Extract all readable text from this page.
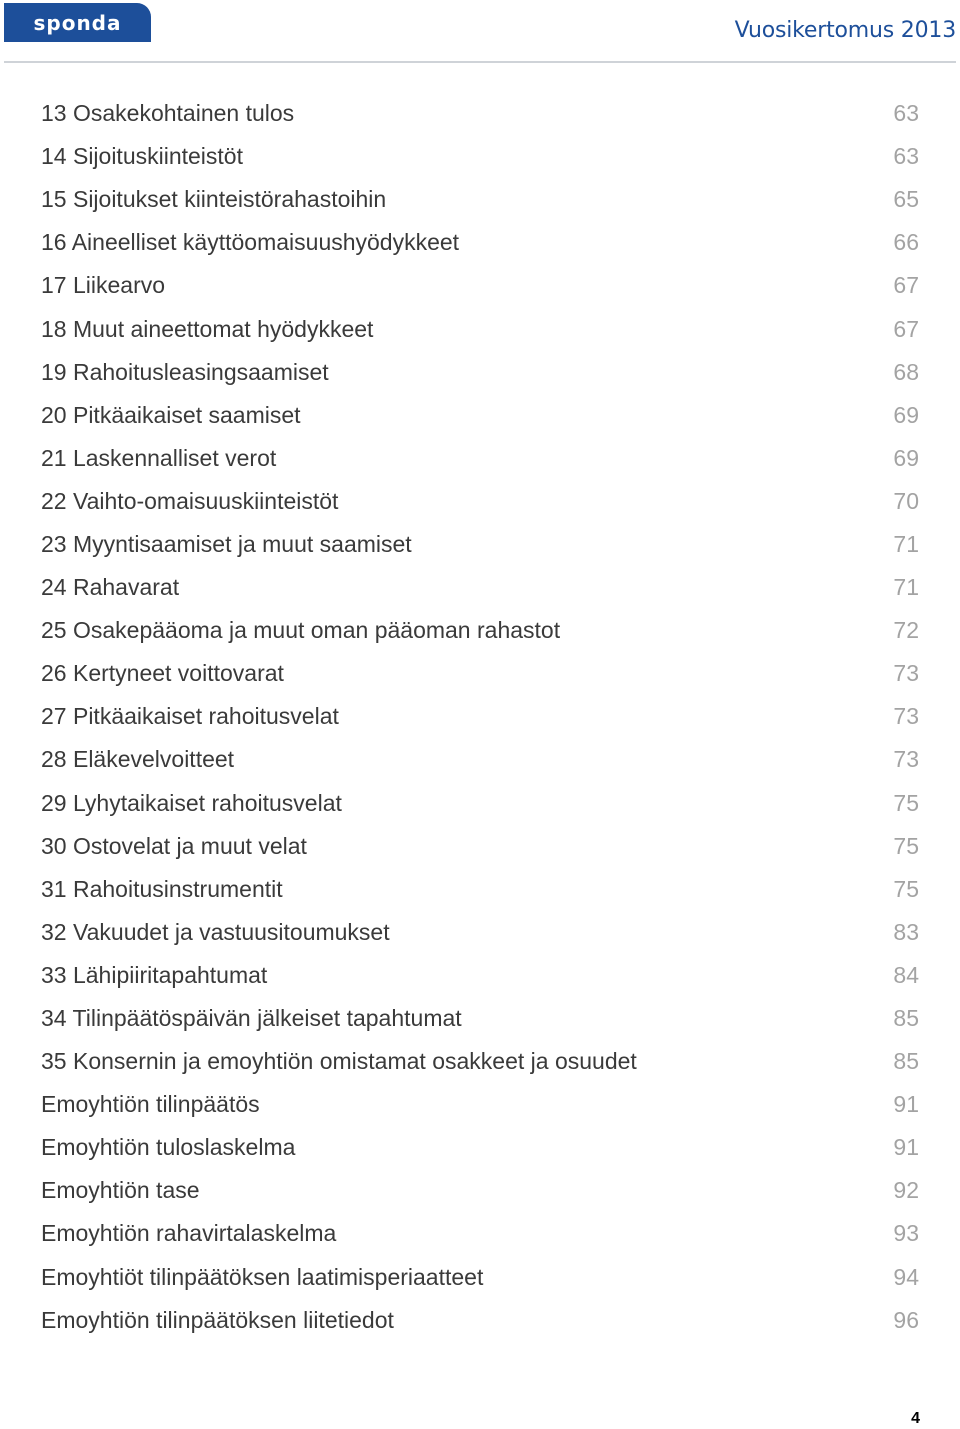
sponda	Vuosikertomus 2013
13 Osakekohtainen tulos	63
14 Sijoituskiinteistöt	63
15 Sijoitukset kiinteistörahastoihin	65
16 Aineelliset käyttöomaisuushyödykkeet	66
17 Liikearvo	67
18 Muut aineettomat hyödykkeet	67
19 Rahoitusleasingsaamiset	68
20 Pitkäaikaiset saamiset	69
21 Laskennalliset verot	69
22 Vaihto-omaisuuskiinteistöt	70
23 Myyntisaamiset ja muut saamiset	71
24 Rahavarat	71
25 Osakepääoma ja muut oman pääoman rahastot	72
26 Kertyneet voittovarat	73
27 Pitkäaikaiset rahoitusvelat	73
28 Eläkevelvoitteet	73
29 Lyhytaikaiset rahoitusvelat	75
30 Ostovelat ja muut velat	75
31 Rahoitusinstrumentit	75
32 Vakuudet ja vastuusitoumukset	83
33 Lähipiiritapahtumat	84
34 Tilinpäätöspäivän jälkeiset tapahtumat	85
35 Konsernin ja emoyhtiön omistamat osakkeet ja osuudet	85
Emoyhtiön tilinpäätös	91
Emoyhtiön tuloslaskelma	91
Emoyhtiön tase	92
Emoyhtiön rahavirtalaskelma	93
Emoyhtiöt tilinpäätöksen laatimisperiaatteet	94
Emoyhtiön tilinpäätöksen liitetiedot	96
4
